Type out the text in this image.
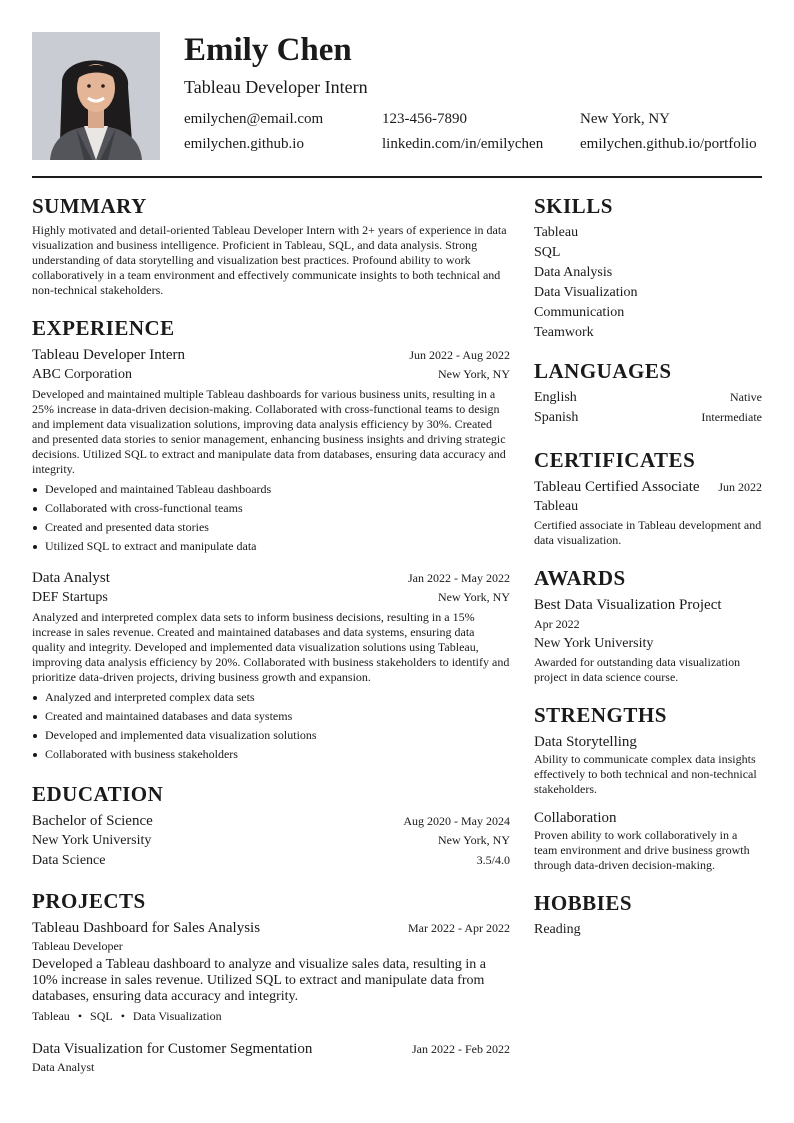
Emily Chen
Tableau Developer Intern
emilychen@email.com	123-456-7890	New York, NY
emilychen.github.io	linkedin.com/in/emilychen emilychen.github.io/portfolio
SUMMARY
Highly motivated and detail-oriented Tableau Developer Intern with 2+ years of experience in data visualization and business intelligence. Proficient in Tableau, SQL, and data analysis. Strong understanding of data storytelling and visualization best practices. Profound ability to work collaboratively in a team environment and effectively communicate insights to both technical and non-technical stakeholders.
EXPERIENCE
Tableau Developer Intern	Jun 2022 - Aug 2022
ABC Corporation	New York, NY
Developed and maintained multiple Tableau dashboards for various business units, resulting in a 25% increase in data-driven decision-making. Collaborated with cross-functional teams to design and implement data visualization solutions, improving data analysis efficiency by 30%. Created and presented data stories to senior management, enhancing business insights and driving strategic decisions. Utilized SQL to extract and manipulate data from databases, ensuring data accuracy and integrity.
Developed and maintained Tableau dashboards
Collaborated with cross-functional teams
Created and presented data stories
Utilized SQL to extract and manipulate data
Data Analyst	Jan 2022 - May 2022
DEF Startups	New York, NY
Analyzed and interpreted complex data sets to inform business decisions, resulting in a 15% increase in sales revenue. Created and maintained databases and data systems, ensuring data quality and integrity. Developed and implemented data visualization solutions using Tableau, improving data analysis efficiency by 20%. Collaborated with business stakeholders to identify and prioritize data-driven projects, driving business growth and expansion.
Analyzed and interpreted complex data sets
Created and maintained databases and data systems
Developed and implemented data visualization solutions
Collaborated with business stakeholders
EDUCATION
Bachelor of Science	Aug 2020 - May 2024
New York University	New York, NY
Data Science	3.5/4.0
PROJECTS
Tableau Dashboard for Sales Analysis	Mar 2022 - Apr 2022
Tableau Developer
Developed a Tableau dashboard to analyze and visualize sales data, resulting in a 10% increase in sales revenue. Utilized SQL to extract and manipulate data from databases, ensuring data accuracy and integrity.
Tableau • SQL • Data Visualization
Data Visualization for Customer Segmentation	Jan 2022 - Feb 2022
Data Analyst
SKILLS
Tableau
SQL
Data Analysis
Data Visualization
Communication
Teamwork
LANGUAGES
English	Native
Spanish	Intermediate
CERTIFICATES
Tableau Certified Associate Jun 2022
Tableau
Certified associate in Tableau development and data visualization.
AWARDS
Best Data Visualization Project
Apr 2022
New York University
Awarded for outstanding data visualization project in data science course.
STRENGTHS
Data Storytelling
Ability to communicate complex data insights effectively to both technical and non-technical stakeholders.
Collaboration
Proven ability to work collaboratively in a team environment and drive business growth through data-driven decision-making.
HOBBIES
Reading
